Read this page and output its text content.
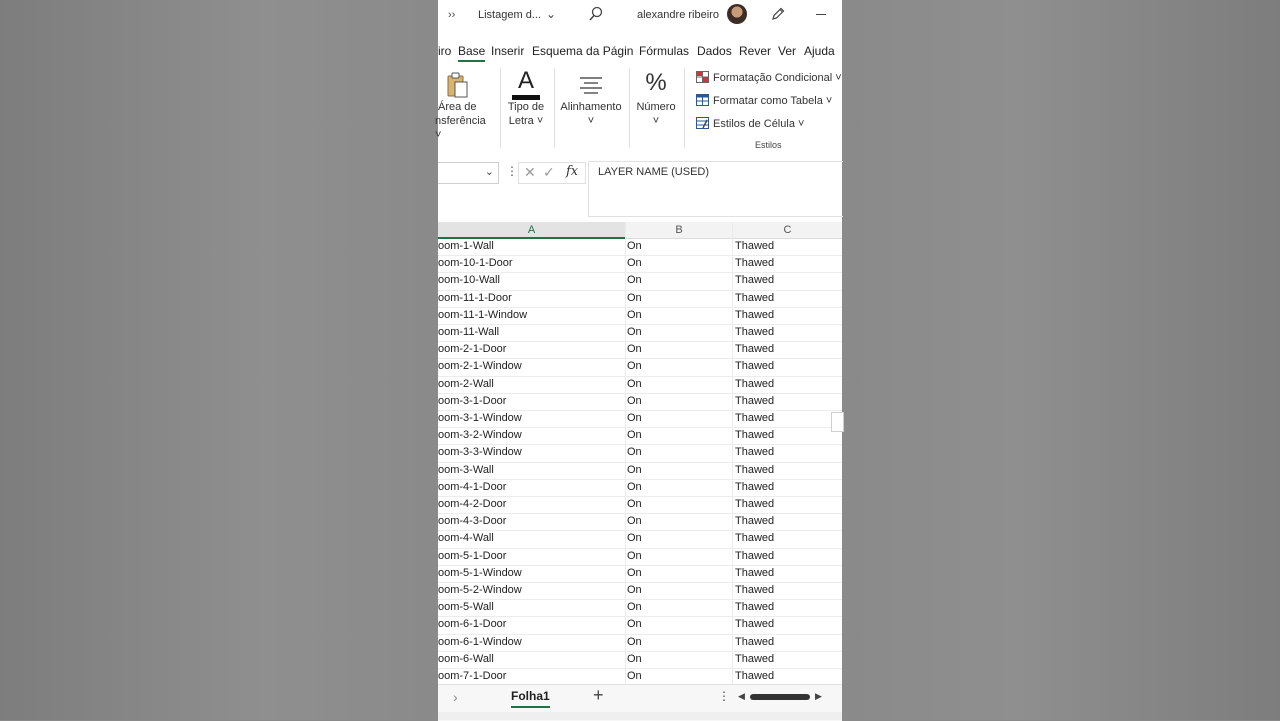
›› Listagem d... ⌄	alexandre ribeiro
iro Base Inserir Esquema da Págin Fórmulas Dados Rever Ver Ajuda
Área de
nsferência ˅
A
Tipo de
Letra ˅
Alinhamento
˅
%
Número
˅
Formatação Condicional ˅
Formatar como Tabela ˅
Estilos de Célula ˅
Estilos
⌄ ⋮ ✕ ✓ fx LAYER NAME (USED)
A	B	C
oom-1-Wall	On	Thawed
oom-10-1-Door	On	Thawed
oom-10-Wall	On	Thawed
oom-11-1-Door	On	Thawed
oom-11-1-Window	On	Thawed
oom-11-Wall	On	Thawed
oom-2-1-Door	On	Thawed
oom-2-1-Window	On	Thawed
oom-2-Wall	On	Thawed
oom-3-1-Door	On	Thawed
oom-3-1-Window	On	Thawed
oom-3-2-Window	On	Thawed
oom-3-3-Window	On	Thawed
oom-3-Wall	On	Thawed
oom-4-1-Door	On	Thawed
oom-4-2-Door	On	Thawed
oom-4-3-Door	On	Thawed
oom-4-Wall	On	Thawed
oom-5-1-Door	On	Thawed
oom-5-1-Window	On	Thawed
oom-5-2-Window	On	Thawed
oom-5-Wall	On	Thawed
oom-6-1-Door	On	Thawed
oom-6-1-Window	On	Thawed
oom-6-Wall	On	Thawed
oom-7-1-Door	On	Thawed
›	Folha1 +	⋮ ◀	▶
